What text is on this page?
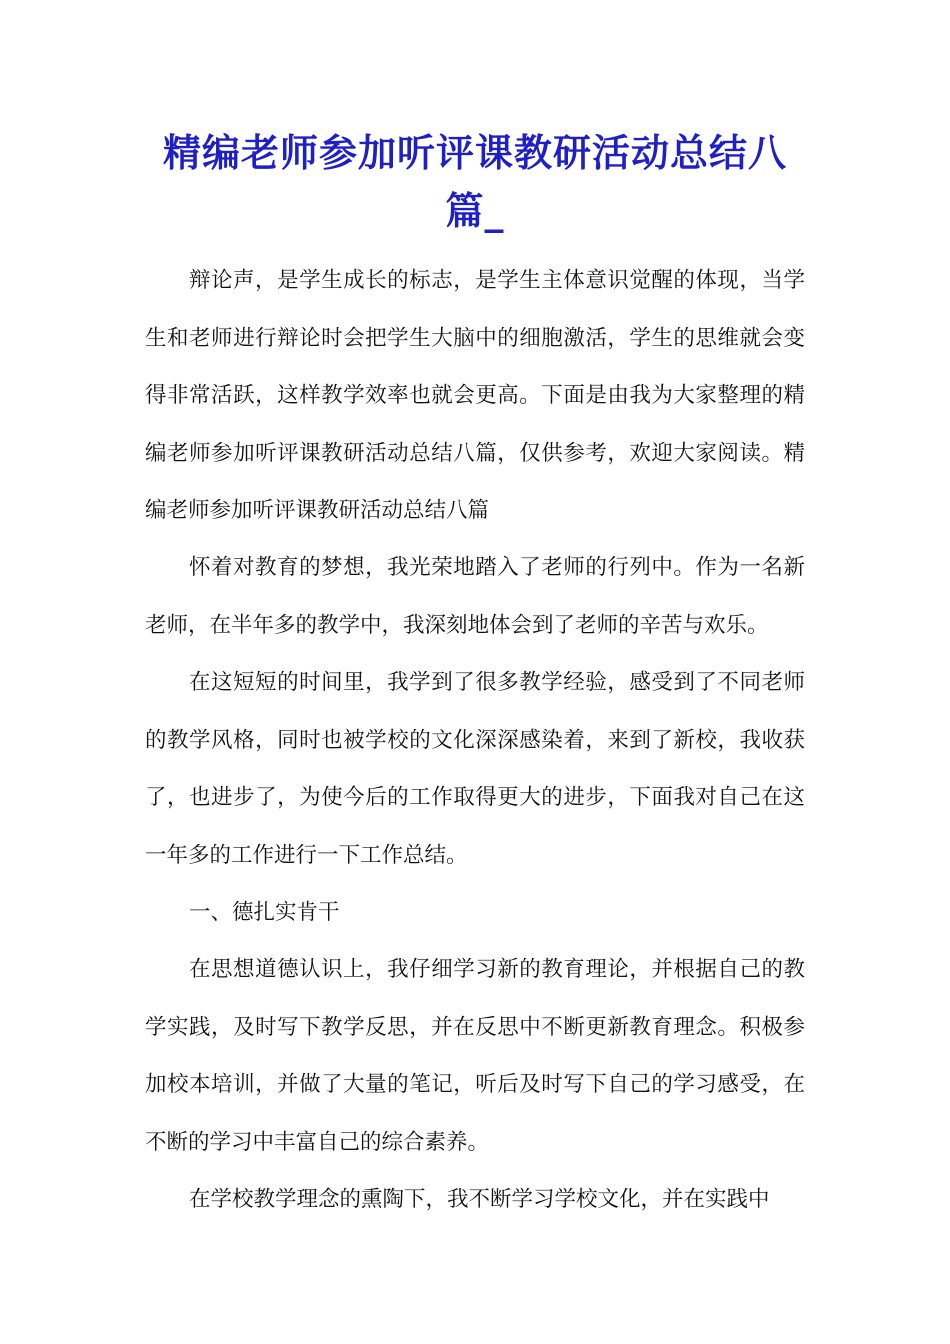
精编老师参加听评课教研活动总结八篇_

辩论声，是学生成长的标志，是学生主体意识觉醒的体现，当学生和老师进行辩论时会把学生大脑中的细胞激活，学生的思维就会变得非常活跃，这样教学效率也就会更高。下面是由我为大家整理的精编老师参加听评课教研活动总结八篇，仅供参考，欢迎大家阅读。精编老师参加听评课教研活动总结八篇

怀着对教育的梦想，我光荣地踏入了老师的行列中。作为一名新老师，在半年多的教学中，我深刻地体会到了老师的辛苦与欢乐。

在这短短的时间里，我学到了很多教学经验，感受到了不同老师的教学风格，同时也被学校的文化深深感染着，来到了新校，我收获了，也进步了，为使今后的工作取得更大的进步，下面我对自己在这一年多的工作进行一下工作总结。

一、德扎实肯干

在思想道德认识上，我仔细学习新的教育理论，并根据自己的教学实践，及时写下教学反思，并在反思中不断更新教育理念。积极参加校本培训，并做了大量的笔记，听后及时写下自己的学习感受，在不断的学习中丰富自己的综合素养。

在学校教学理念的熏陶下，我不断学习学校文化，并在实践中
